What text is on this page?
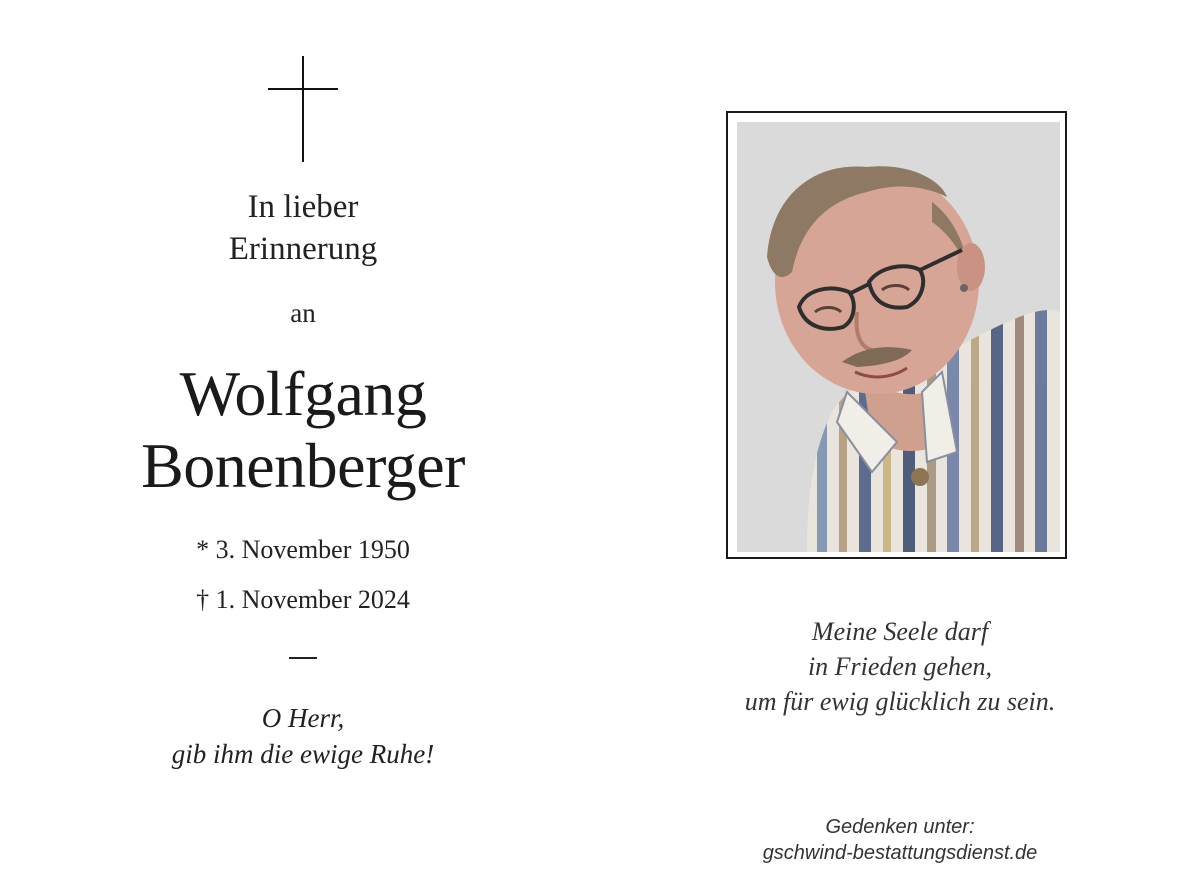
In lieber
Erinnerung
an
Wolfgang
Bonenberger
* 3. November 1950
† 1. November 2024
O Herr,
gib ihm die ewige Ruhe!
Meine Seele darf
in Frieden gehen,
um für ewig glücklich zu sein.
Gedenken unter:
gschwind-bestattungsdienst.de
